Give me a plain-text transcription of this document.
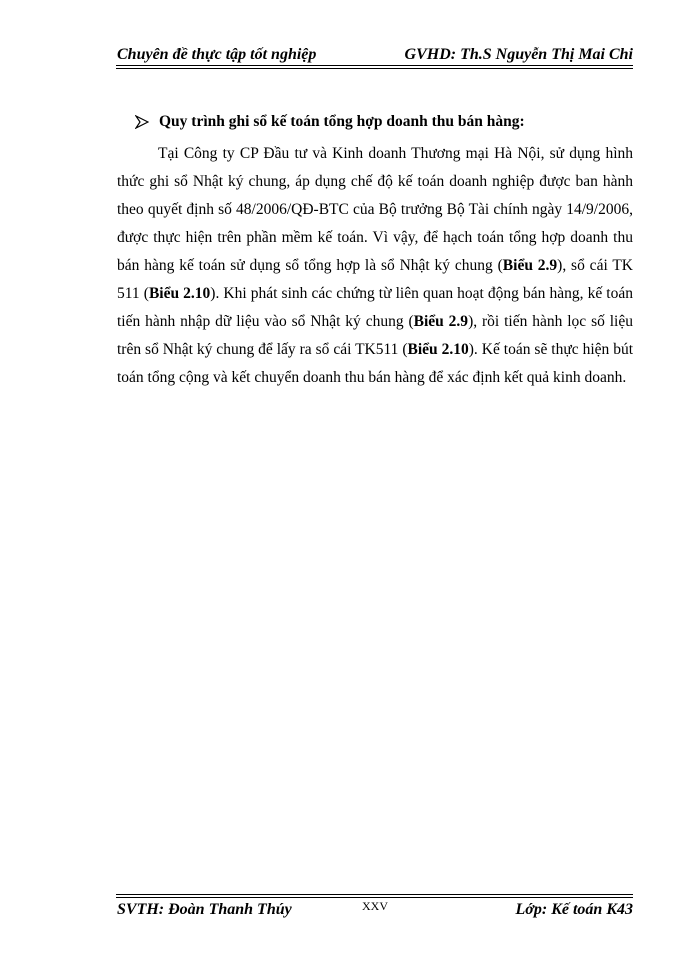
Chuyên đề thực tập tốt nghiệp	GVHD: Th.S Nguyễn Thị Mai Chi
Quy trình ghi sổ kế toán tổng hợp doanh thu bán hàng:
Tại Công ty CP Đầu tư và Kinh doanh Thương mại Hà Nội, sử dụng hình thức ghi sổ Nhật ký chung, áp dụng chế độ kế toán doanh nghiệp được ban hành theo quyết định số 48/2006/QĐ-BTC của Bộ trưởng Bộ Tài chính ngày 14/9/2006, được thực hiện trên phần mềm kế toán. Vì vậy, để hạch toán tổng hợp doanh thu bán hàng kế toán sử dụng sổ tổng hợp là sổ Nhật ký chung (Biểu 2.9), sổ cái TK 511 (Biểu 2.10). Khi phát sinh các chứng từ liên quan hoạt động bán hàng, kế toán tiến hành nhập dữ liệu vào sổ Nhật ký chung (Biểu 2.9), rồi tiến hành lọc số liệu trên sổ Nhật ký chung để lấy ra sổ cái TK511 (Biểu 2.10). Kế toán sẽ thực hiện bút toán tổng cộng và kết chuyển doanh thu bán hàng để xác định kết quả kinh doanh.
SVTH: Đoàn Thanh Thúy	XXV	Lớp: Kế toán K43
